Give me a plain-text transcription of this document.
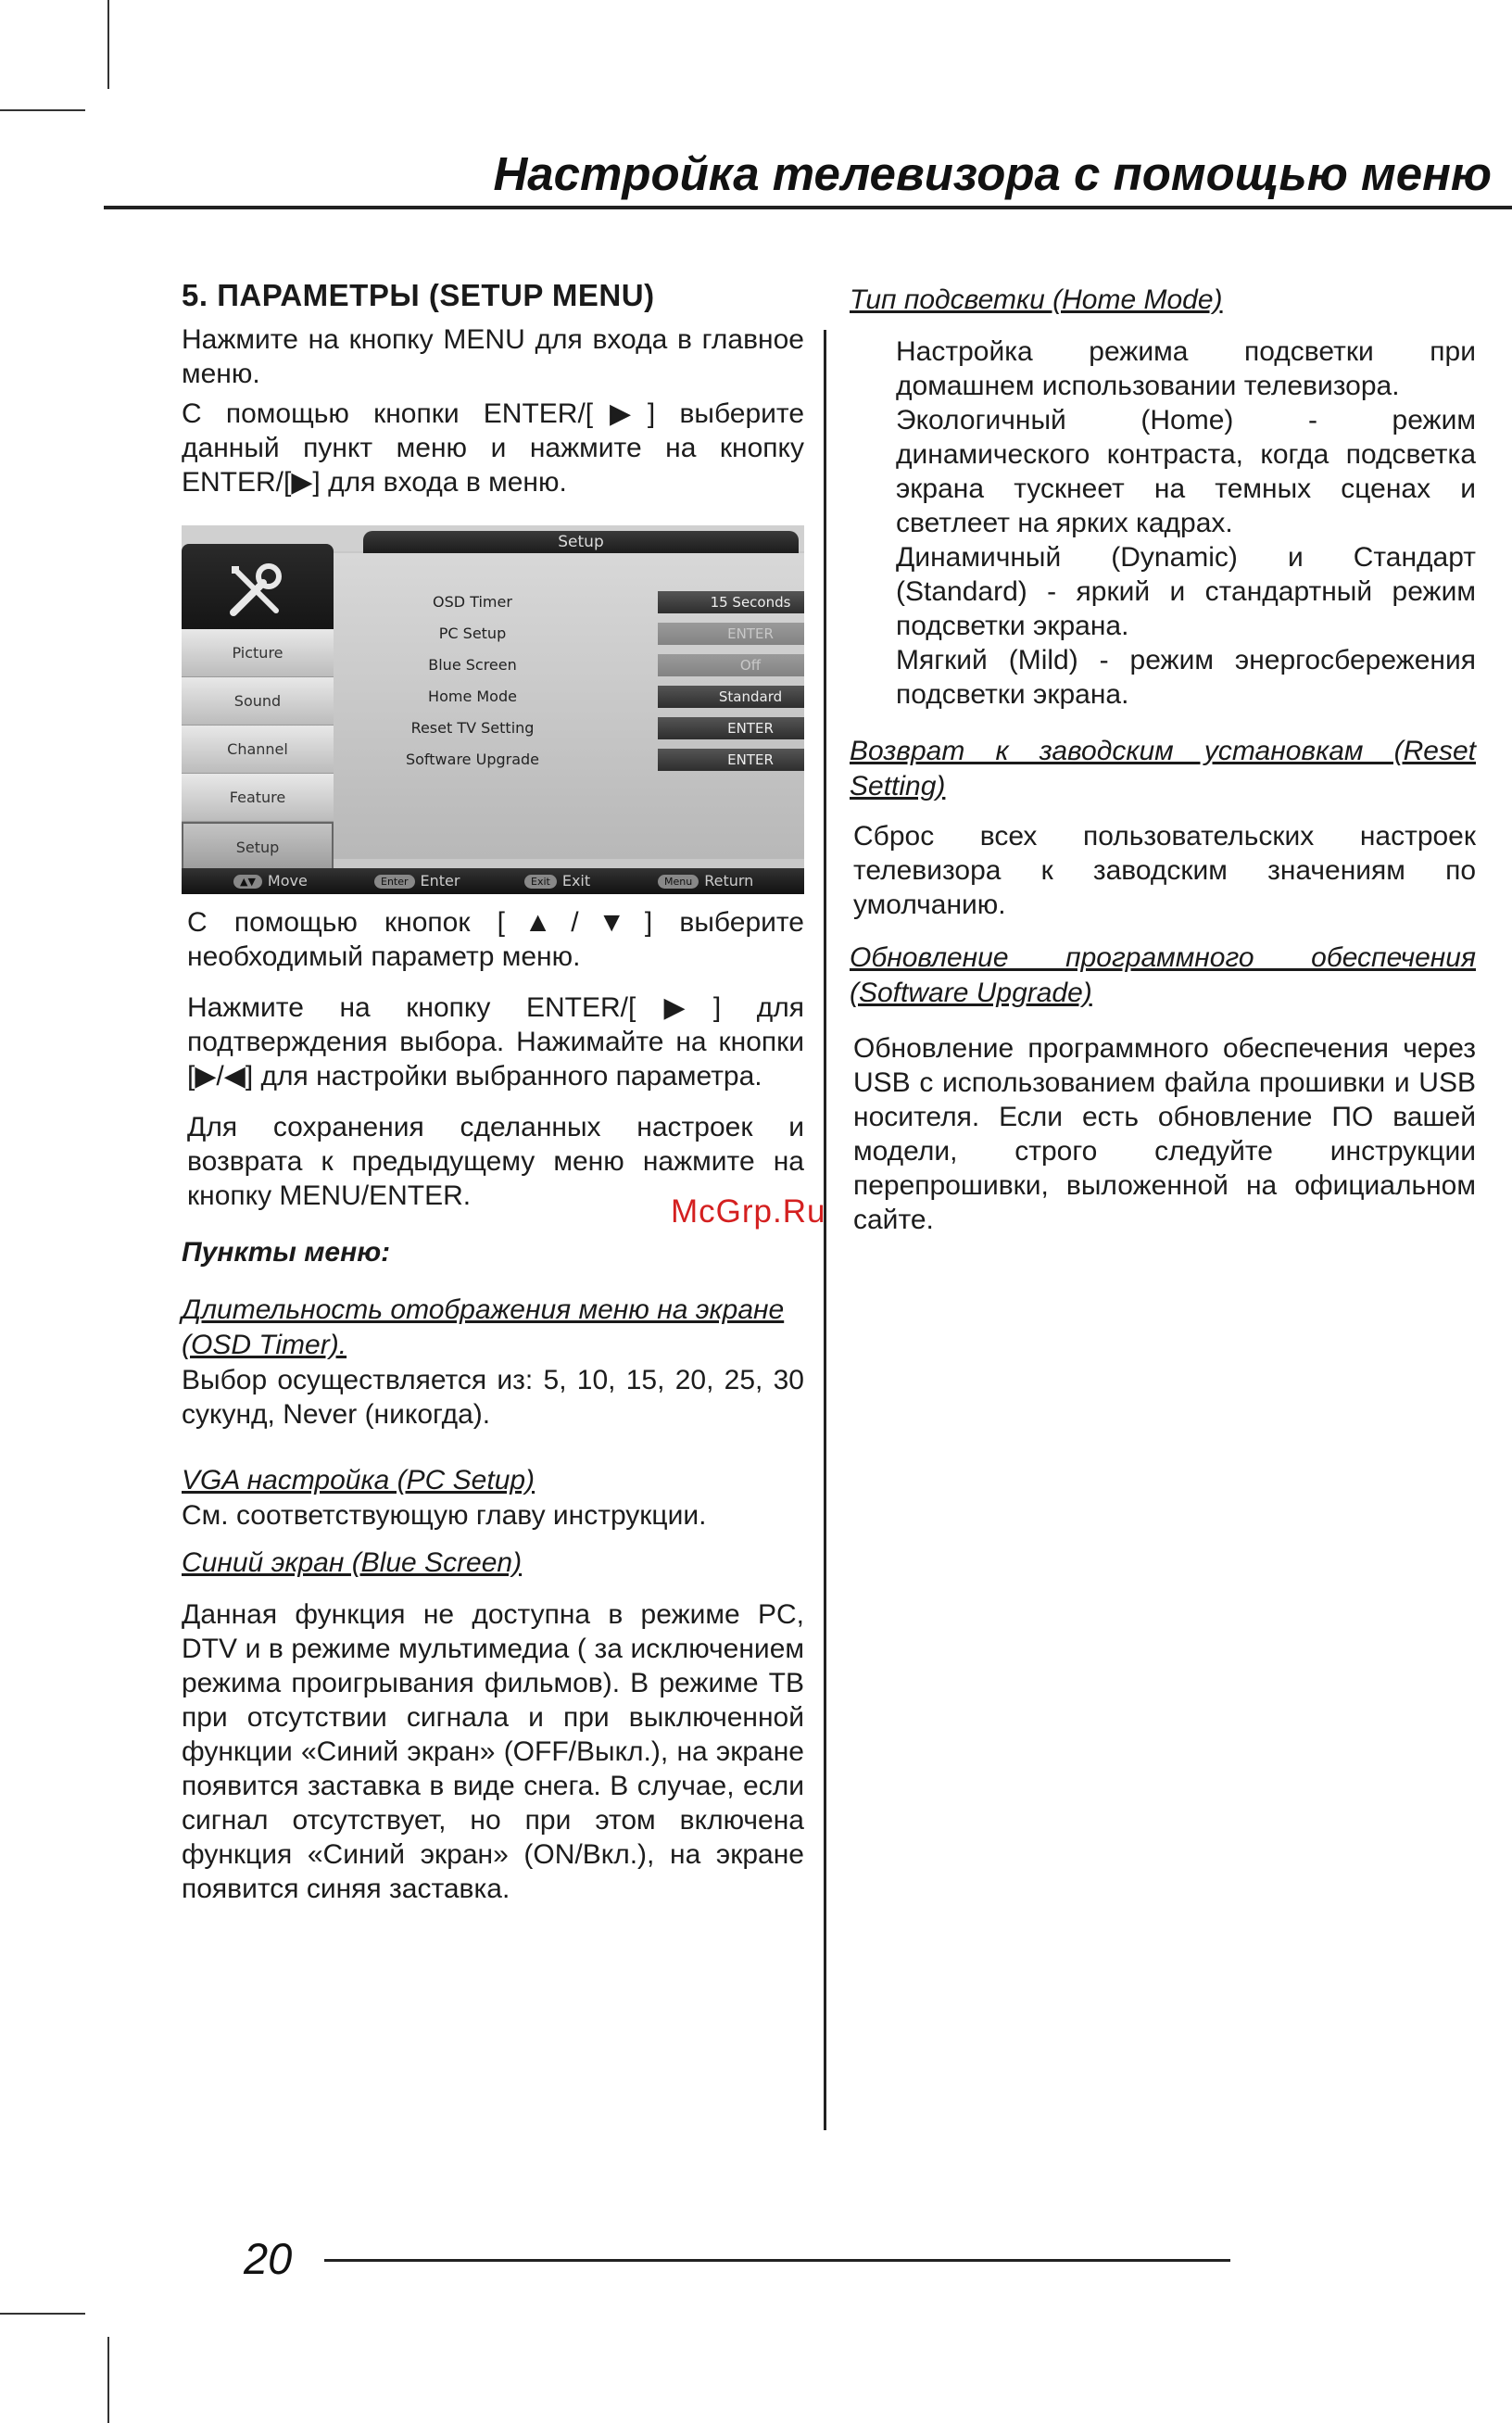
Настройка телевизора с помощью меню

5. ПАРАМЕТРЫ (SETUP MENU)

Нажмите на кнопку MENU для входа в главное меню.

С помощью кнопки ENTER/[▶] выберите данный пункт меню и нажмите на кнопку ENTER/[▶] для входа в меню.

Setup
Picture
Sound
Channel
Feature
Setup
OSD Timer	15 Seconds
PC Setup	ENTER
Blue Screen	Off
Home Mode	Standard
Reset TV Setting	ENTER
Software Upgrade	ENTER
▲▼ Move	Enter Enter	Exit Exit	Menu Return

С помощью кнопок [▲/▼] выберите необходимый параметр меню.

Нажмите на кнопку ENTER/[▶] для подтверждения выбора. Нажимайте на кнопки [▶/◀] для настройки выбранного параметра.

Для сохранения сделанных настроек и возврата к предыдущему меню нажмите на кнопку MENU/ENTER.

Пункты меню:

Длительность отображения меню на экране (OSD Timer).

Выбор осуществляется из: 5, 10, 15, 20, 25, 30 сукунд, Never (никогда).

VGA настройка (PC Setup)

См. соответствующую главу инструкции.

Синий экран (Blue Screen)

Данная функция не доступна в режиме PC, DTV и в режиме мультимедиа ( за исключением режима проигрывания фильмов). В режиме ТВ при отсутствии сигнала и при выключенной функции «Синий экран» (OFF/Выкл.), на экране появится заставка в виде снега. В случае, если сигнал отсутствует, но при этом включена функция «Синий экран» (ON/Вкл.), на экране появится синяя заставка.

Тип подсветки (Home Mode)

Настройка режима подсветки при домашнем использовании телевизора.

Экологичный (Home) - режим динамического контраста, когда подсветка экрана тускнеет на темных сценах и светлеет на ярких кадрах.

Динамичный (Dynamic) и Стандарт (Standard) - яркий и стандартный режим подсветки экрана.

Мягкий (Mild) - режим энергосбережения подсветки экрана.

Возврат к заводским установкам (Reset Setting)

Сброс всех пользовательских настроек телевизора к заводским значениям по умолчанию.

Обновление программного обеспечения (Software Upgrade)

Обновление программного обеспечения через USB с использованием файла прошивки и USB носителя. Если есть обновление ПО вашей модели, строго следуйте инструкции перепрошивки, выложенной на официальном сайте.

McGrp.Ru
20
